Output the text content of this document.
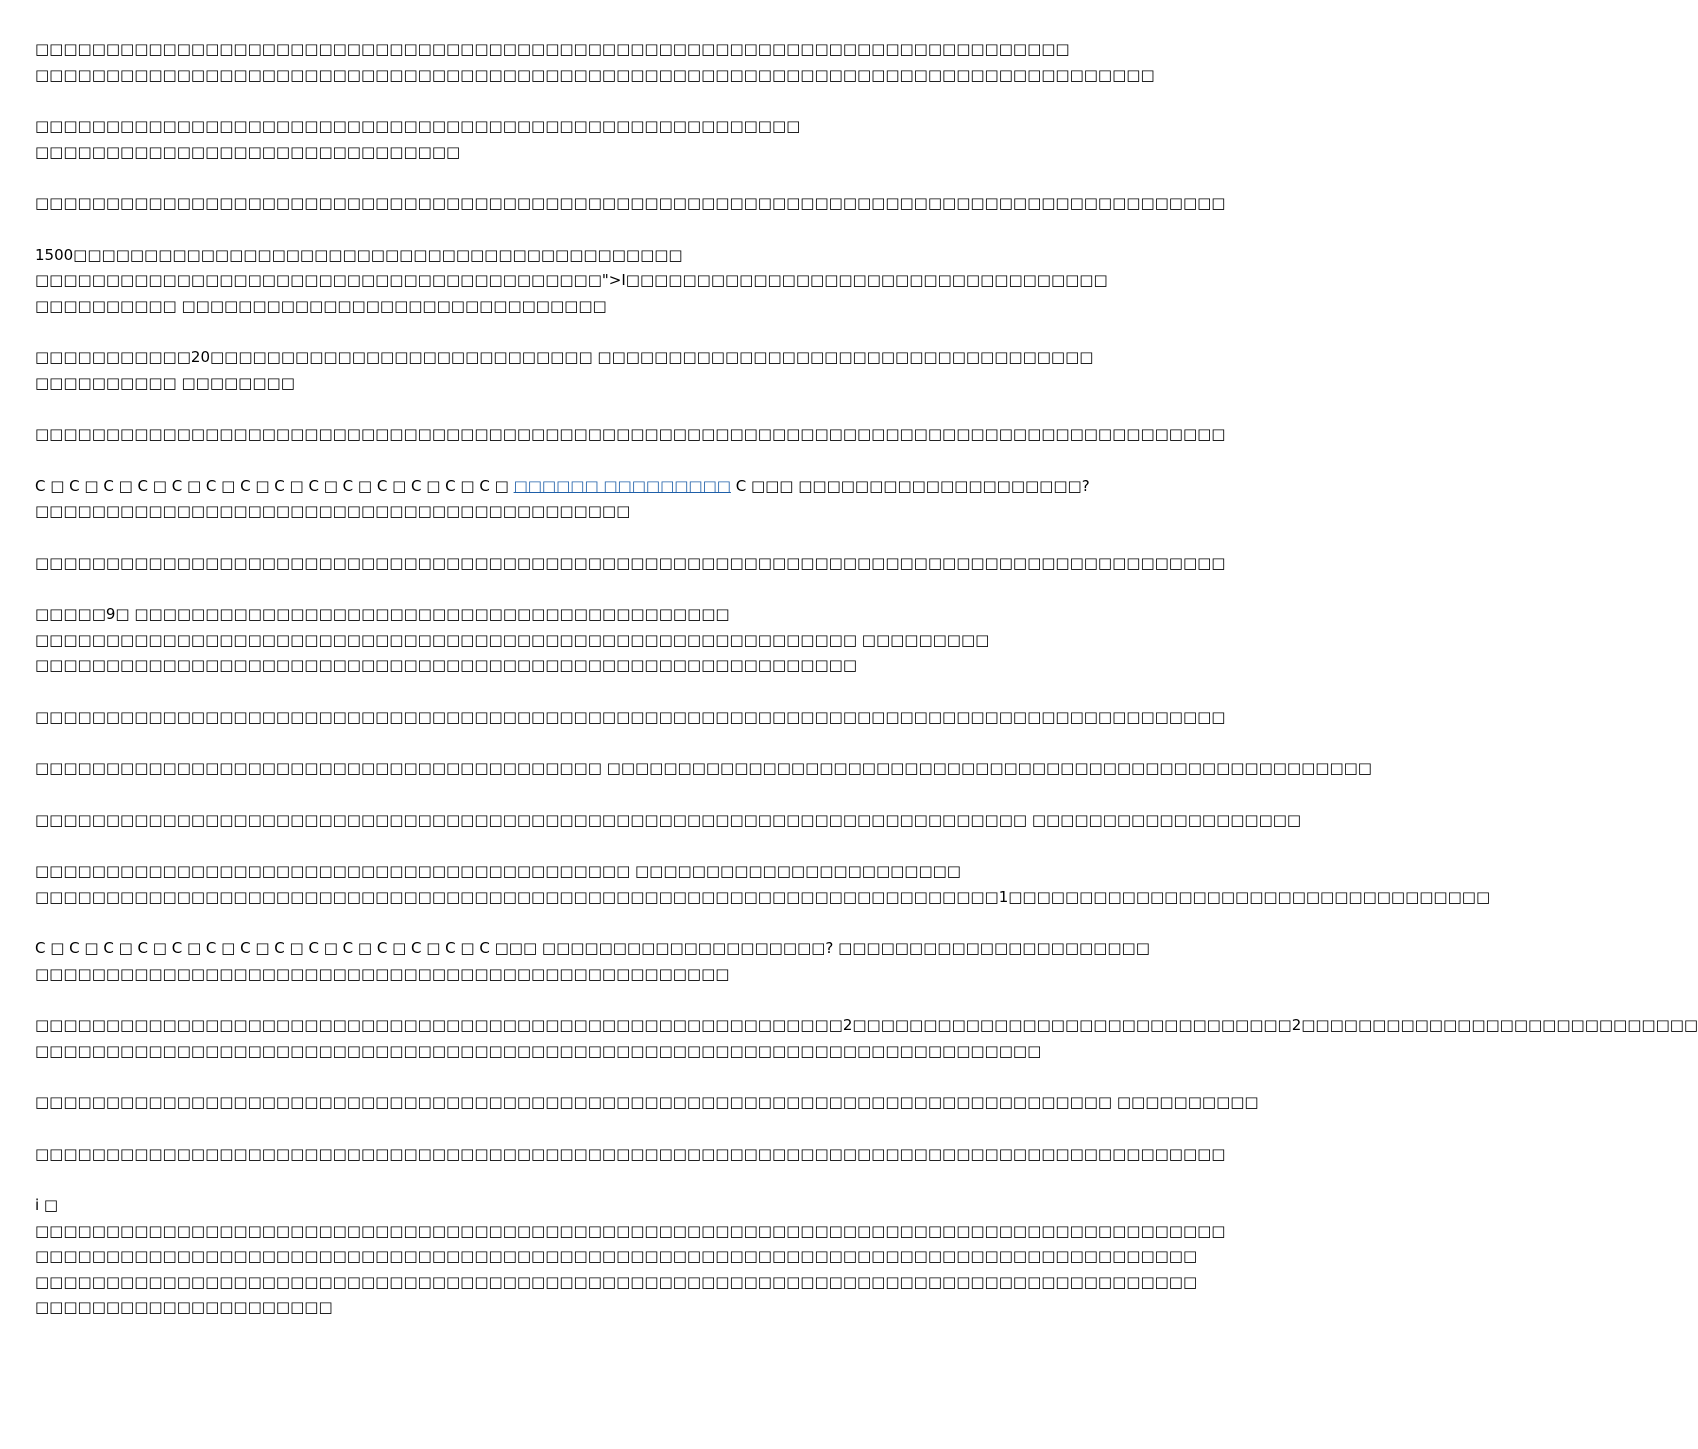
□□□□□□□□□□□□□□□□□□□□□□□□□□□□□□□□□□□□□□□□□□□□□□□□□□□□□□□□□□□□□□□□□□□□□□□□□
□□□□□□□□□□□□□□□□□□□□□□□□□□□□□□□□□□□□□□□□□□□□□□□□□□□□□□□□□□□□□□□□□□□□□□□□□□□□□□□

□□□□□□□□□□□□□□□□□□□□□□□□□□□□□□□□□□□□□□□□□□□□□□□□□□□□□□
□□□□□□□□□□□□□□□□□□□□□□□□□□□□□□

□□□□□□□□□□□□□□□□□□□□□□□□□□□□□□□□□□□□□□□□□□□□□□□□□□□□□□□□□□□□□□□□□□□□□□□□□□□□□□□□□□□□

1500□□□□□□□□□□□□□□□□□□□□□□□□□□□□□□□□□□□□□□□□□□□
□□□□□□□□□□□□□□□□□□□□□□□□□□□□□□□□□□□□□□□□">I□□□□□□□□□□□□□□□□□□□□□□□□□□□□□□□□□□
□□□□□□□□□□ □□□□□□□□□□□□□□□□□□□□□□□□□□□□□□

□□□□□□□□□□□20□□□□□□□□□□□□□□□□□□□□□□□□□□□ □□□□□□□□□□□□□□□□□□□□□□□□□□□□□□□□□□□
□□□□□□□□□□ □□□□□□□□

□□□□□□□□□□□□□□□□□□□□□□□□□□□□□□□□□□□□□□□□□□□□□□□□□□□□□□□□□□□□□□□□□□□□□□□□□□□□□□□□□□□□

C □ C □ C □ C □ C □ C □ C □ C □ C □ C □ C □ C □ C □ C □ □□□□□□ □□□□□□□□□ C □□□ □□□□□□□□□□□□□□□□□□□□?
□□□□□□□□□□□□□□□□□□□□□□□□□□□□□□□□□□□□□□□□□□

□□□□□□□□□□□□□□□□□□□□□□□□□□□□□□□□□□□□□□□□□□□□□□□□□□□□□□□□□□□□□□□□□□□□□□□□□□□□□□□□□□□□

□□□□□9□ □□□□□□□□□□□□□□□□□□□□□□□□□□□□□□□□□□□□□□□□□□
□□□□□□□□□□□□□□□□□□□□□□□□□□□□□□□□□□□□□□□□□□□□□□□□□□□□□□□□□□ □□□□□□□□□
□□□□□□□□□□□□□□□□□□□□□□□□□□□□□□□□□□□□□□□□□□□□□□□□□□□□□□□□□□

□□□□□□□□□□□□□□□□□□□□□□□□□□□□□□□□□□□□□□□□□□□□□□□□□□□□□□□□□□□□□□□□□□□□□□□□□□□□□□□□□□□□

□□□□□□□□□□□□□□□□□□□□□□□□□□□□□□□□□□□□□□□□ □□□□□□□□□□□□□□□□□□□□□□□□□□□□□□□□□□□□□□□□□□□□□□□□□□□□□□

□□□□□□□□□□□□□□□□□□□□□□□□□□□□□□□□□□□□□□□□□□□□□□□□□□□□□□□□□□□□□□□□□□□□□□ □□□□□□□□□□□□□□□□□□□

□□□□□□□□□□□□□□□□□□□□□□□□□□□□□□□□□□□□□□□□□□ □□□□□□□□□□□□□□□□□□□□□□□
□□□□□□□□□□□□□□□□□□□□□□□□□□□□□□□□□□□□□□□□□□□□□□□□□□□□□□□□□□□□□□□□□□□□1□□□□□□□□□□□□□□□□□□□□□□□□□□□□□□□□□□

C □ C □ C □ C □ C □ C □ C □ C □ C □ C □ C □ C □ C □ C □□□ □□□□□□□□□□□□□□□□□□□□? □□□□□□□□□□□□□□□□□□□□□□
□□□□□□□□□□□□□□□□□□□□□□□□□□□□□□□□□□□□□□□□□□□□□□□□□

□□□□□□□□□□□□□□□□□□□□□□□□□□□□□□□□□□□□□□□□□□□□□□□□□□□□□□□□□2□□□□□□□□□□□□□□□□□□□□□□□□□□□□□□□2□□□□□□□□□□□□□□□□□□□□□□□□□□□□
□□□□□□□□□□□□□□□□□□□□□□□□□□□□□□□□□□□□□□□□□□□□□□□□□□□□□□□□□□□□□□□□□□□□□□□

□□□□□□□□□□□□□□□□□□□□□□□□□□□□□□□□□□□□□□□□□□□□□□□□□□□□□□□□□□□□□□□□□□□□□□□□□□□□ □□□□□□□□□□

□□□□□□□□□□□□□□□□□□□□□□□□□□□□□□□□□□□□□□□□□□□□□□□□□□□□□□□□□□□□□□□□□□□□□□□□□□□□□□□□□□□□

i □
□□□□□□□□□□□□□□□□□□□□□□□□□□□□□□□□□□□□□□□□□□□□□□□□□□□□□□□□□□□□□□□□□□□□□□□□□□□□□□□□□□□□
□□□□□□□□□□□□□□□□□□□□□□□□□□□□□□□□□□□□□□□□□□□□□□□□□□□□□□□□□□□□□□□□□□□□□□□□□□□□□□□□□□
□□□□□□□□□□□□□□□□□□□□□□□□□□□□□□□□□□□□□□□□□□□□□□□□□□□□□□□□□□□□□□□□□□□□□□□□□□□□□□□□□□
□□□□□□□□□□□□□□□□□□□□□
